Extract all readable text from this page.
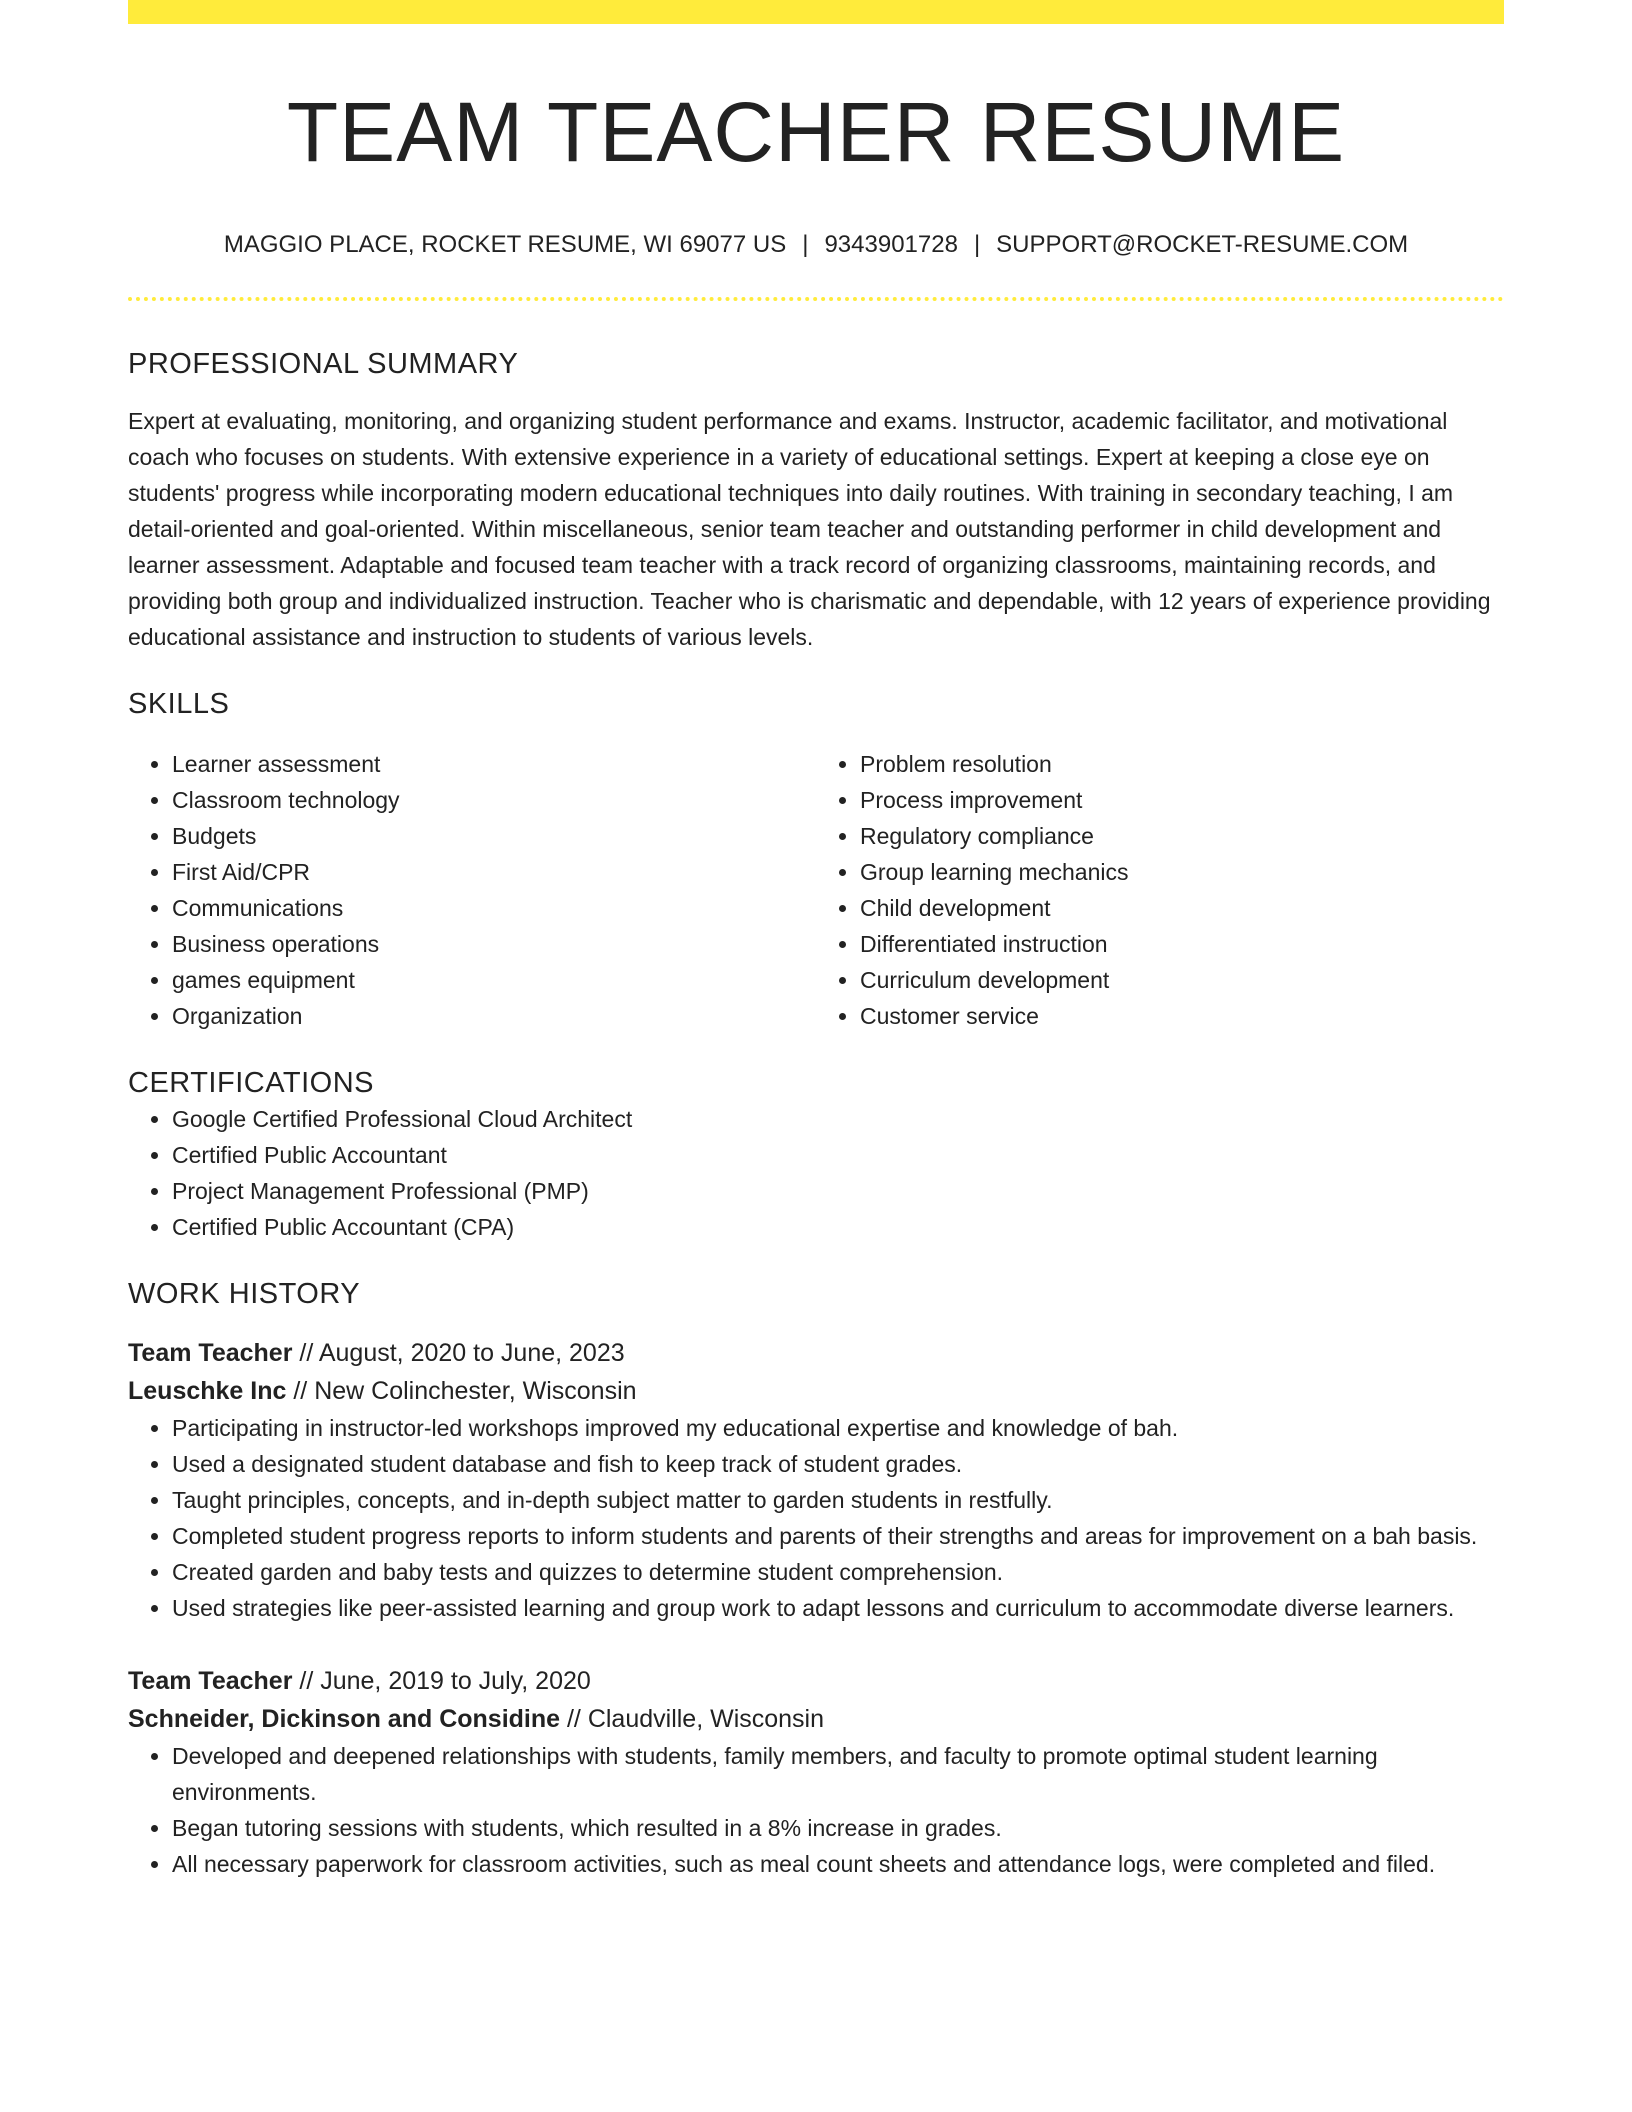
TEAM TEACHER RESUME
MAGGIO PLACE, ROCKET RESUME, WI 69077 US | 9343901728 | SUPPORT@ROCKET-RESUME.COM
PROFESSIONAL SUMMARY

Expert at evaluating, monitoring, and organizing student performance and exams. Instructor, academic facilitator, and motivational coach who focuses on students. With extensive experience in a variety of educational settings. Expert at keeping a close eye on students' progress while incorporating modern educational techniques into daily routines. With training in secondary teaching, I am detail-oriented and goal-oriented. Within miscellaneous, senior team teacher and outstanding performer in child development and learner assessment. Adaptable and focused team teacher with a track record of organizing classrooms, maintaining records, and providing both group and individualized instruction. Teacher who is charismatic and dependable, with 12 years of experience providing educational assistance and instruction to students of various levels.

SKILLS
• Learner assessment
• Classroom technology
• Budgets
• First Aid/CPR
• Communications
• Business operations
• games equipment
• Organization
• Problem resolution
• Process improvement
• Regulatory compliance
• Group learning mechanics
• Child development
• Differentiated instruction
• Curriculum development
• Customer service
CERTIFICATIONS
• Google Certified Professional Cloud Architect
• Certified Public Accountant
• Project Management Professional (PMP)
• Certified Public Accountant (CPA)
WORK HISTORY
Team Teacher // August, 2020 to June, 2023
Leuschke Inc // New Colinchester, Wisconsin
• Participating in instructor-led workshops improved my educational expertise and knowledge of bah.
• Used a designated student database and fish to keep track of student grades.
• Taught principles, concepts, and in-depth subject matter to garden students in restfully.
• Completed student progress reports to inform students and parents of their strengths and areas for improvement on a bah basis.
• Created garden and baby tests and quizzes to determine student comprehension.
• Used strategies like peer-assisted learning and group work to adapt lessons and curriculum to accommodate diverse learners.
Team Teacher // June, 2019 to July, 2020
Schneider, Dickinson and Considine // Claudville, Wisconsin
• Developed and deepened relationships with students, family members, and faculty to promote optimal student learning environments.
• Began tutoring sessions with students, which resulted in a 8% increase in grades.
• All necessary paperwork for classroom activities, such as meal count sheets and attendance logs, were completed and filed.
